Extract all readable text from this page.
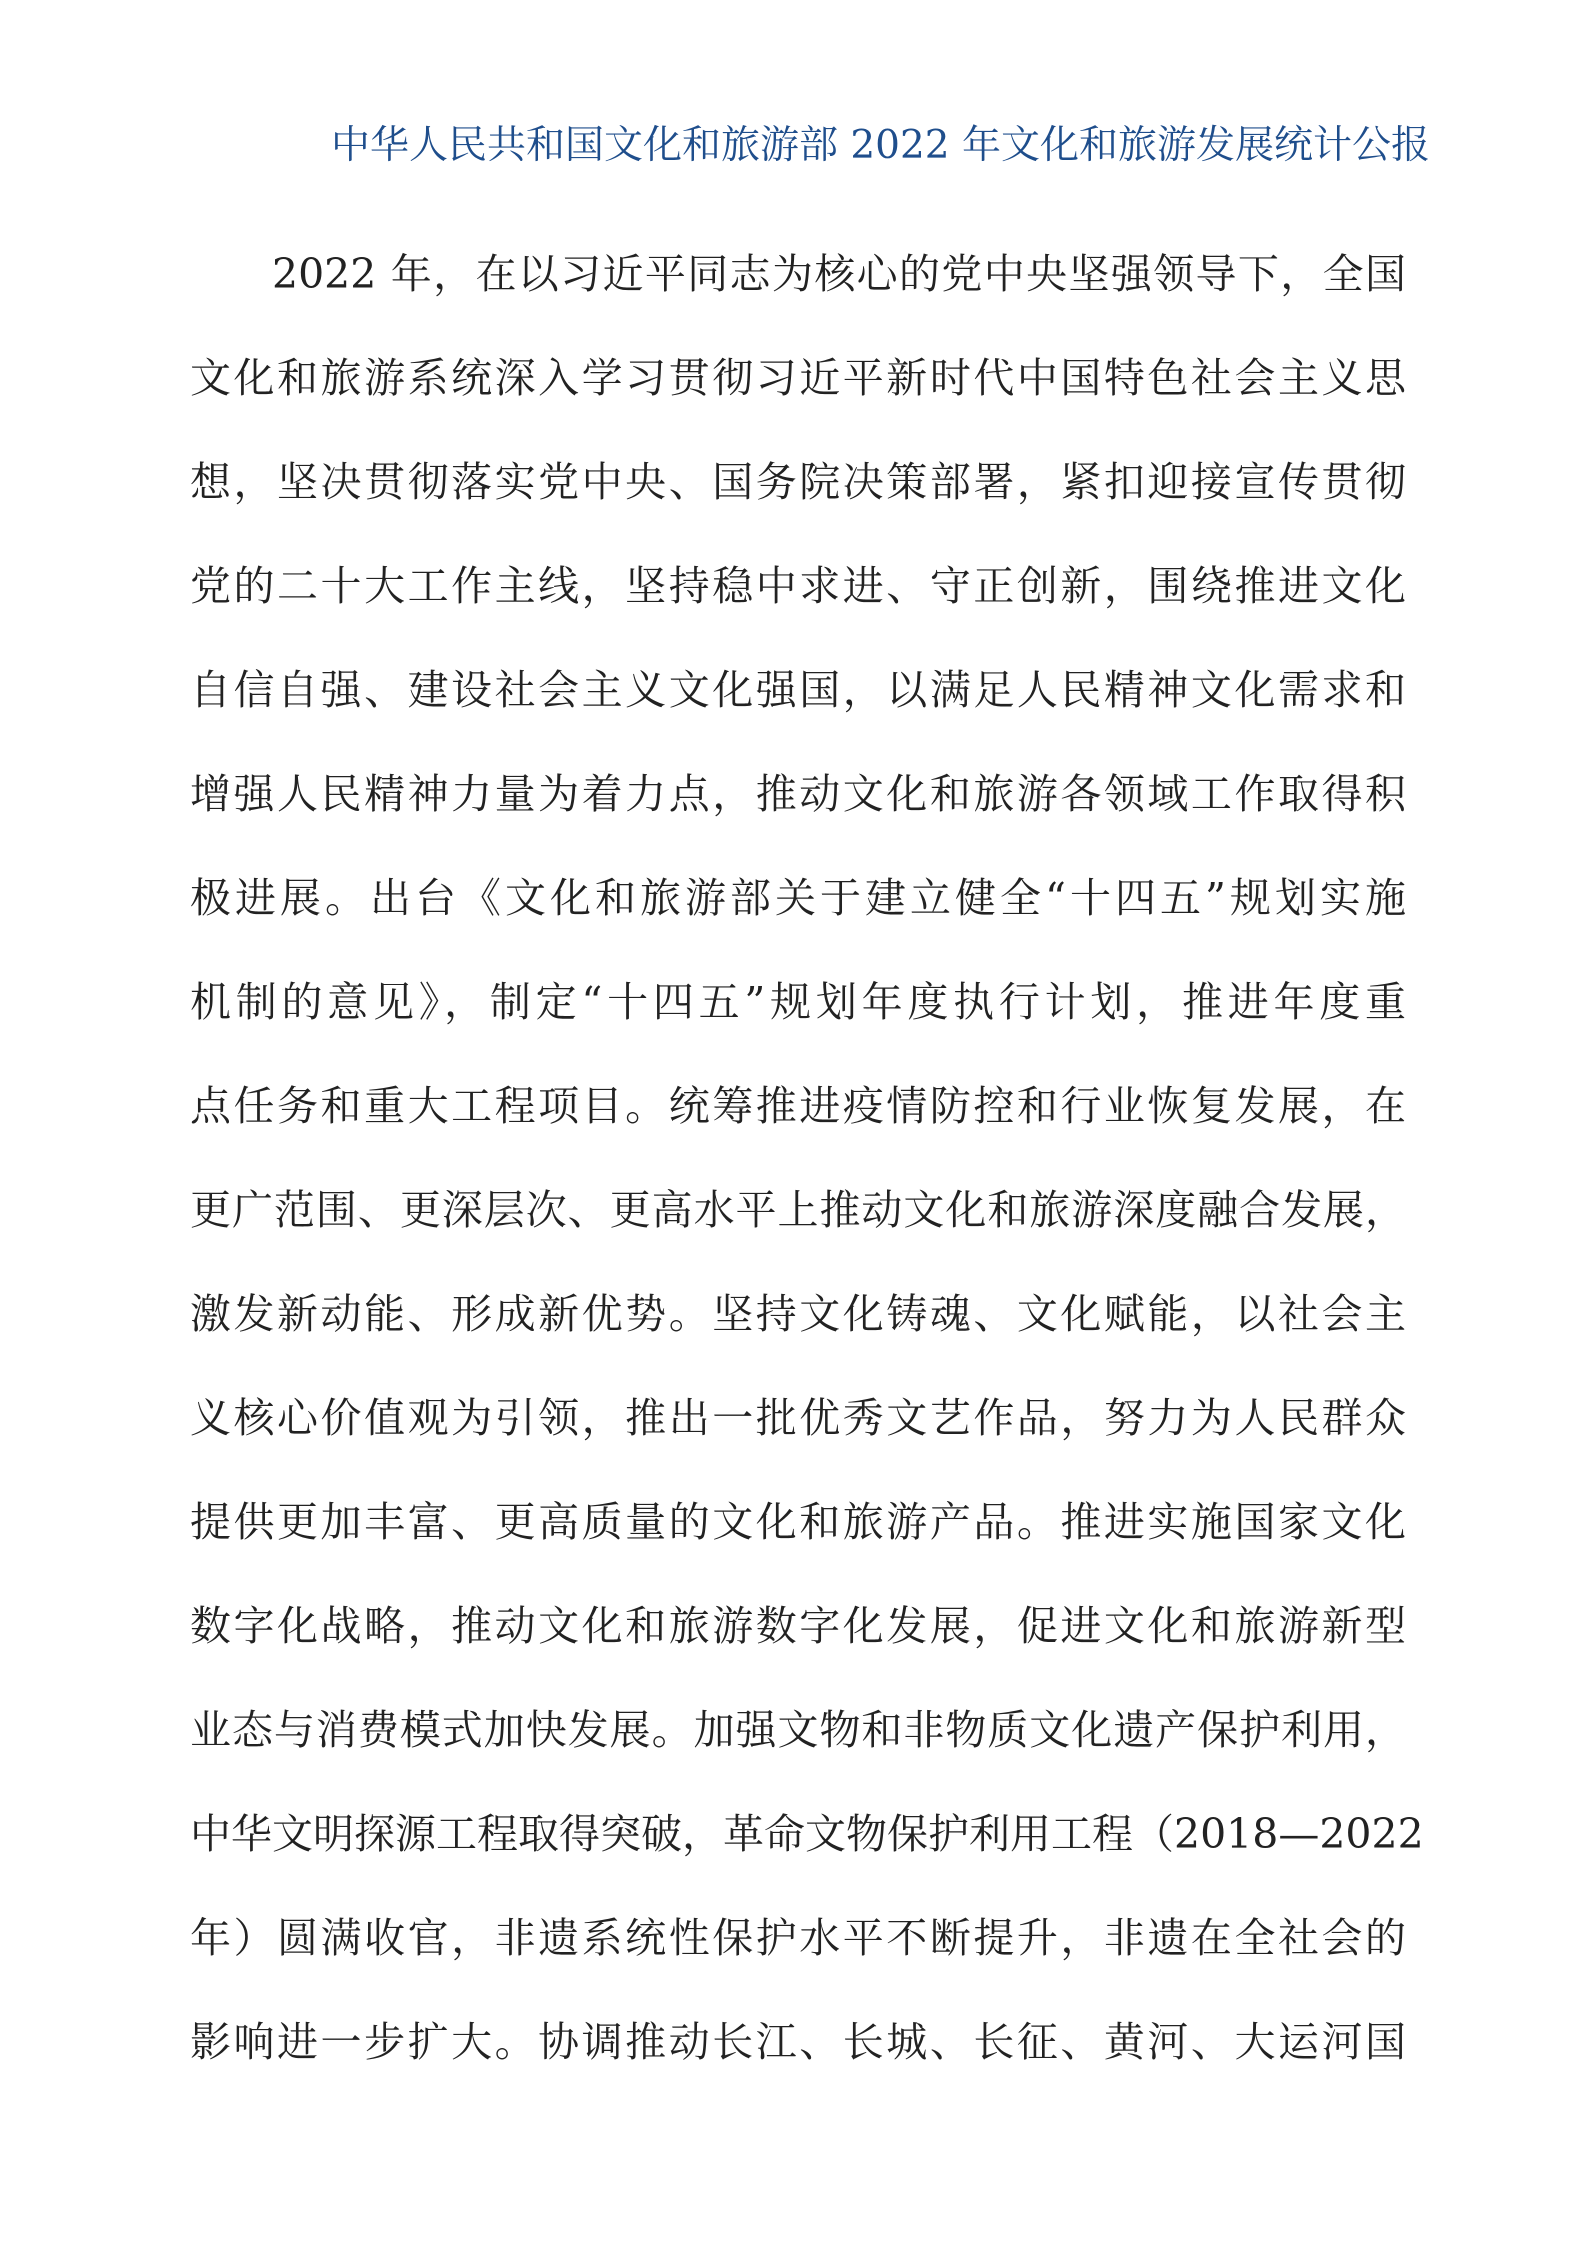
中华人民共和国文化和旅游部 2022 年文化和旅游发展统计公报
2022 年，在以习近平同志为核心的党中央坚强领导下，全国
文化和旅游系统深入学习贯彻习近平新时代中国特色社会主义思
想，坚决贯彻落实党中央、国务院决策部署，紧扣迎接宣传贯彻
党的二十大工作主线，坚持稳中求进、守正创新，围绕推进文化
自信自强、建设社会主义文化强国，以满足人民精神文化需求和
增强人民精神力量为着力点，推动文化和旅游各领域工作取得积
极进展。出台《文化和旅游部关于建立健全“十四五”规划实施
机制的意见》，制定“十四五”规划年度执行计划，推进年度重
点任务和重大工程项目。统筹推进疫情防控和行业恢复发展，在
更广范围、更深层次、更高水平上推动文化和旅游深度融合发展，
激发新动能、形成新优势。坚持文化铸魂、文化赋能，以社会主
义核心价值观为引领，推出一批优秀文艺作品，努力为人民群众
提供更加丰富、更高质量的文化和旅游产品。推进实施国家文化
数字化战略，推动文化和旅游数字化发展，促进文化和旅游新型
业态与消费模式加快发展。加强文物和非物质文化遗产保护利用，
中华文明探源工程取得突破，革命文物保护利用工程（2018—2022
年）圆满收官，非遗系统性保护水平不断提升，非遗在全社会的
影响进一步扩大。协调推动长江、长城、长征、黄河、大运河国
